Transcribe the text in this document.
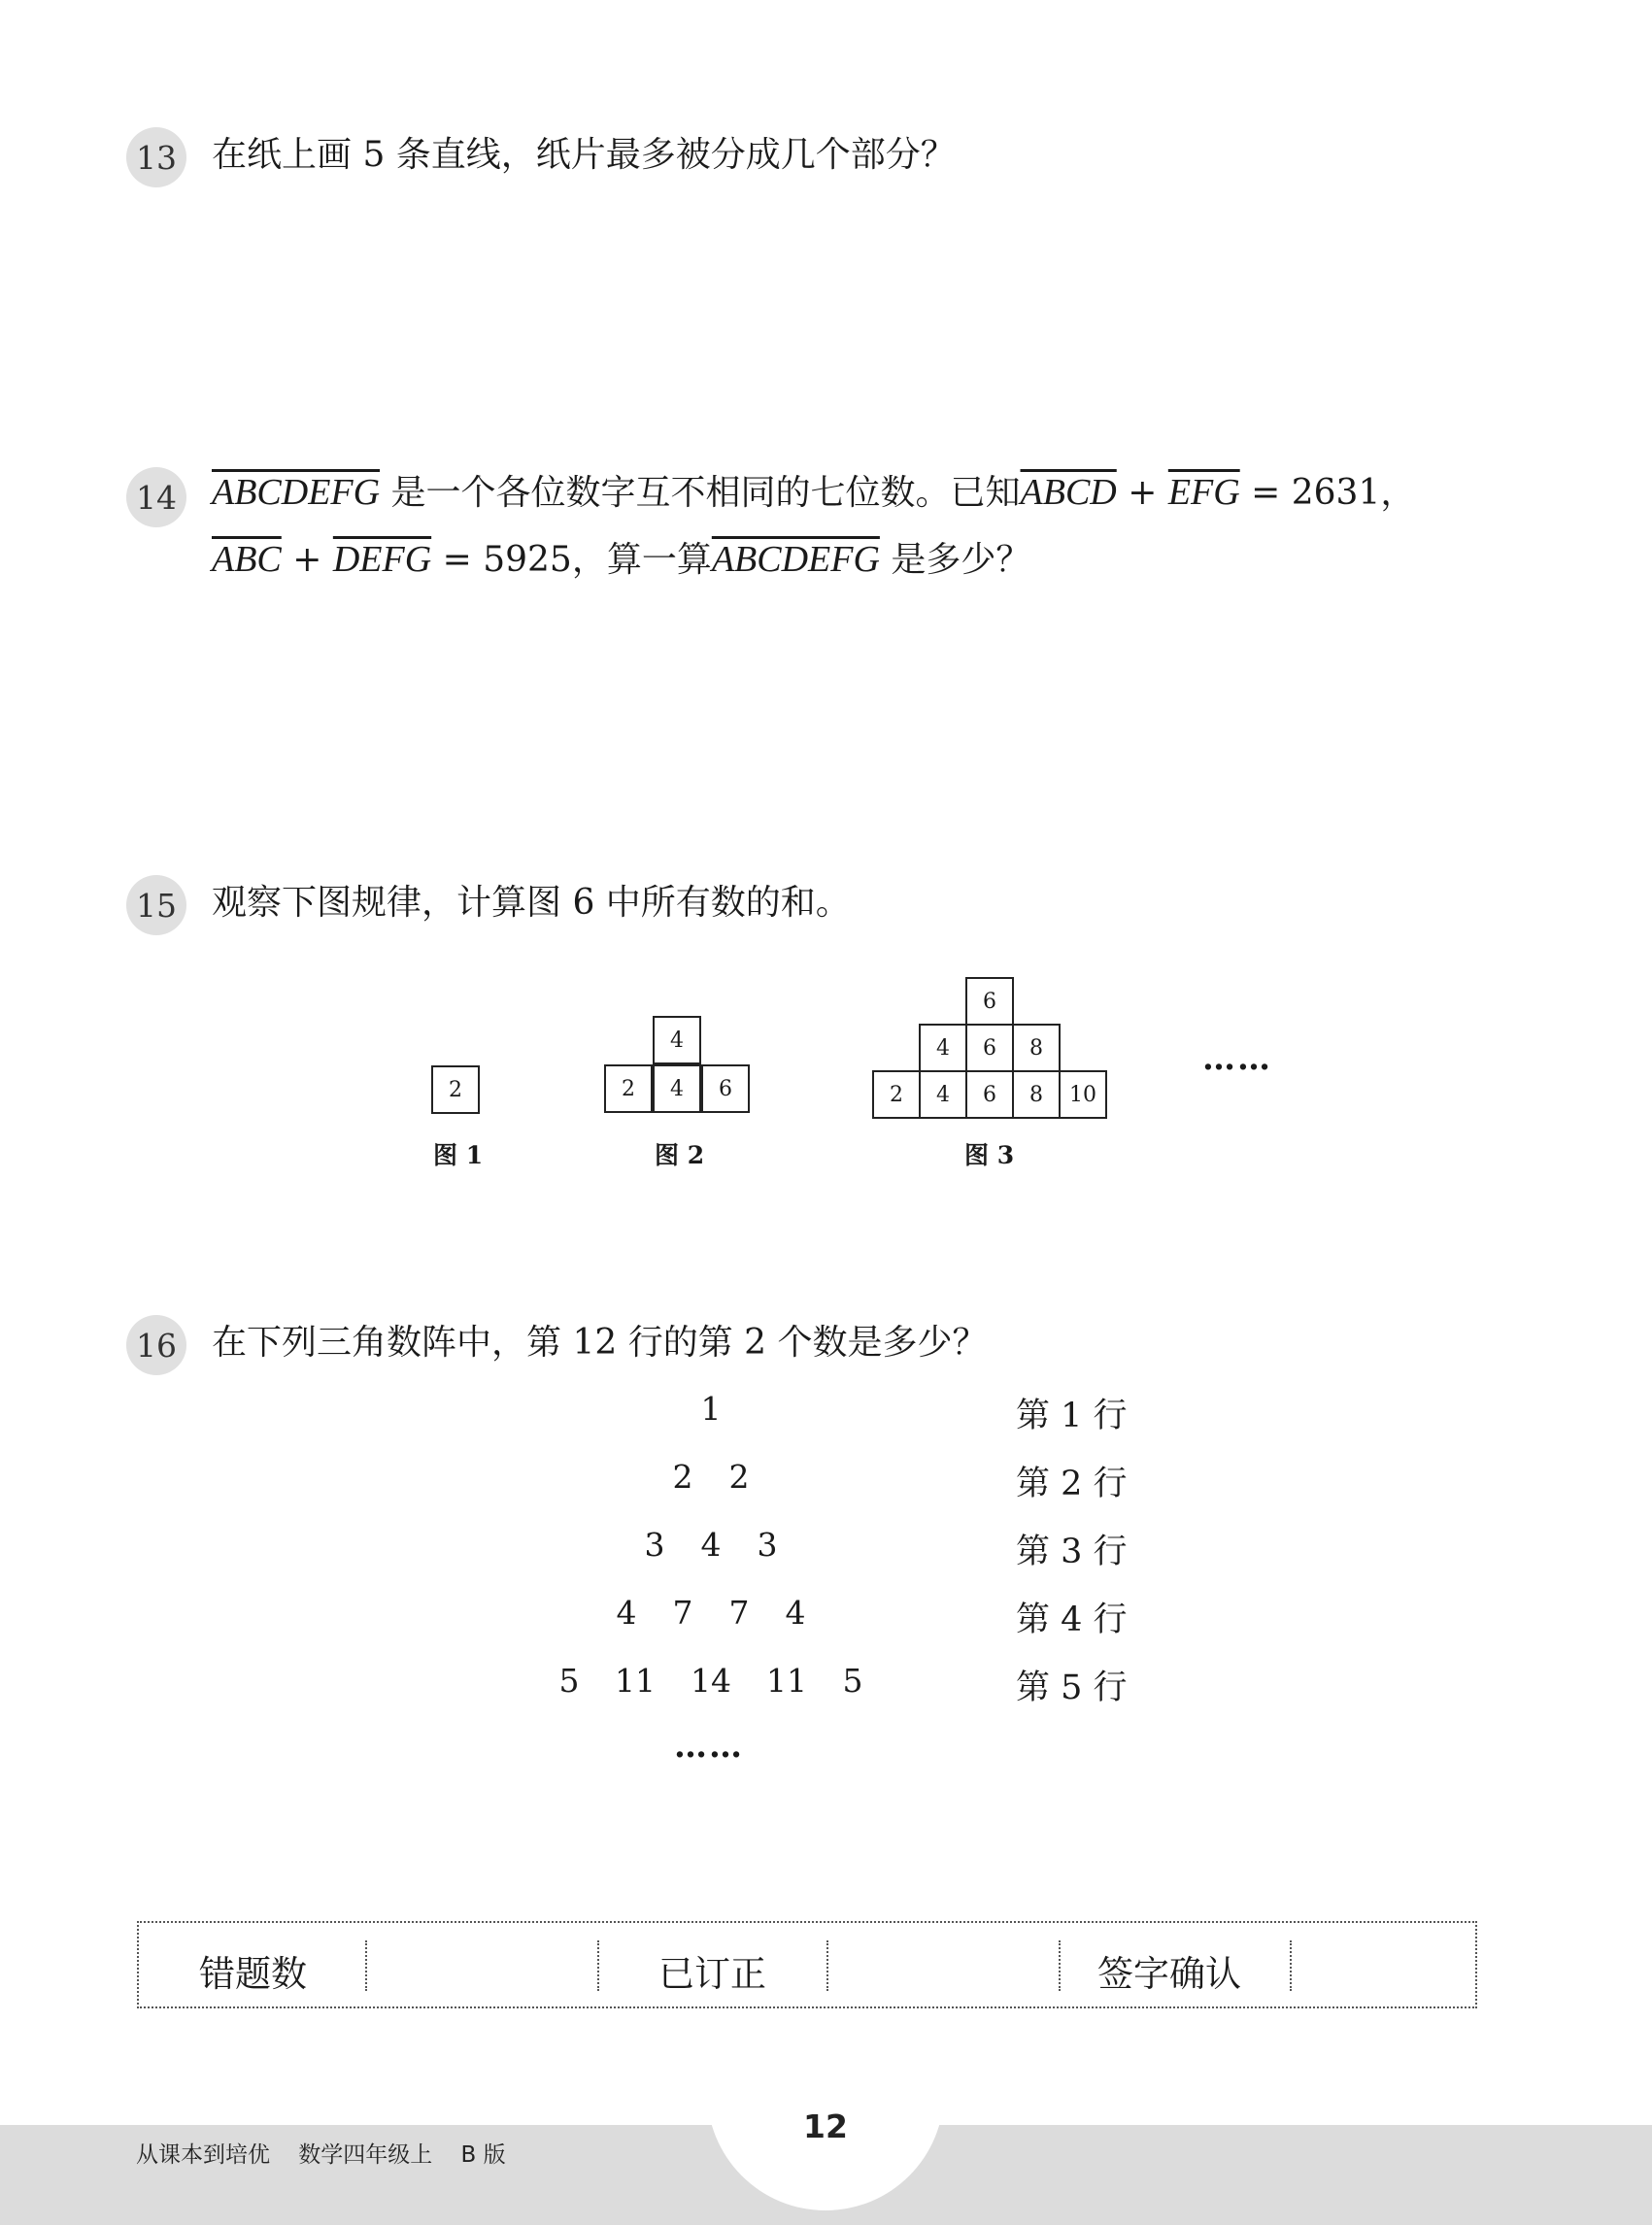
13 在纸上画 5 条直线，纸片最多被分成几个部分？
14 ABCDEFG 是一个各位数字互不相同的七位数。已知ABCD + $\overline{EFG} = 2631$，
$\overline{ABC}$ + DEFG = 5925，算一算ABCDEFG 是多少？
15 观察下图规律，计算图 6 中所有数的和。
2
图 1
4
2	4	6
图 2
6
4	6	8
2	4	6	8	10
图 3
……
16 在下列三角数阵中，第 12 行的第 2 个数是多少？
1
2	2
3	4	3
4	7	7	4
5	11 14 11	5
……
第 1 行
第 2 行
第 3 行
第 4 行
第 5 行
错题数	已订正	签字确认
12
从课本到培优    数学四年级上    B 版
